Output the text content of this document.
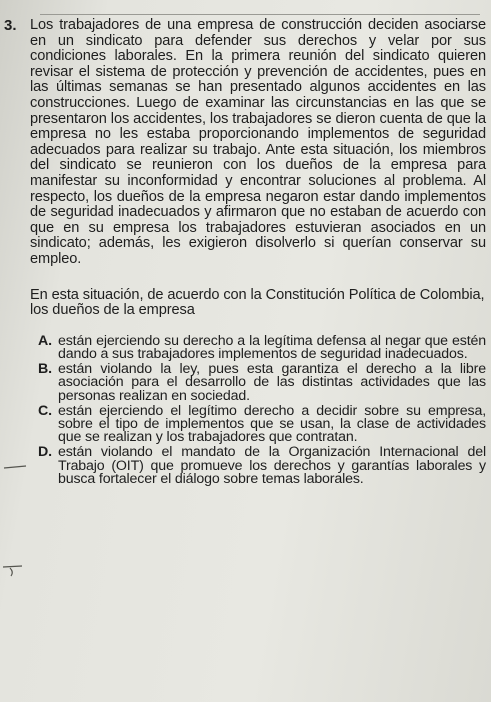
3. Los trabajadores de una empresa de construcción deciden asociarse en un sindicato para defender sus derechos y velar por sus condiciones laborales. En la primera reunión del sindicato quieren revisar el sistema de protección y prevención de accidentes, pues en las últimas semanas se han presentado algunos accidentes en las construcciones. Luego de examinar las circunstancias en las que se presentaron los accidentes, los trabajadores se dieron cuenta de que la empresa no les estaba proporcionando implementos de seguridad adecuados para realizar su trabajo. Ante esta situación, los miembros del sindicato se reunieron con los dueños de la empresa para manifestar su inconformidad y encontrar soluciones al problema. Al respecto, los dueños de la empresa negaron estar dando implementos de seguridad inadecuados y afirmaron que no estaban de acuerdo con que en su empresa los trabajadores estuvieran asociados en un sindicato; además, les exigieron disolverlo si querían conservar su empleo.

En esta situación, de acuerdo con la Constitución Política de Colombia, los dueños de la empresa
A. están ejerciendo su derecho a la legítima defensa al negar que estén dando a sus trabajadores implementos de seguridad inadecuados.
B. están violando la ley, pues esta garantiza el derecho a la libre asociación para el desarrollo de las distintas actividades que las personas realizan en sociedad.
C. están ejerciendo el legítimo derecho a decidir sobre su empresa, sobre el tipo de implementos que se usan, la clase de actividades que se realizan y los trabajadores que contratan.
D. están violando el mandato de la Organización Internacional del Trabajo (OIT) que promueve los derechos y garantías laborales y busca fortalecer el diálogo sobre temas laborales.
